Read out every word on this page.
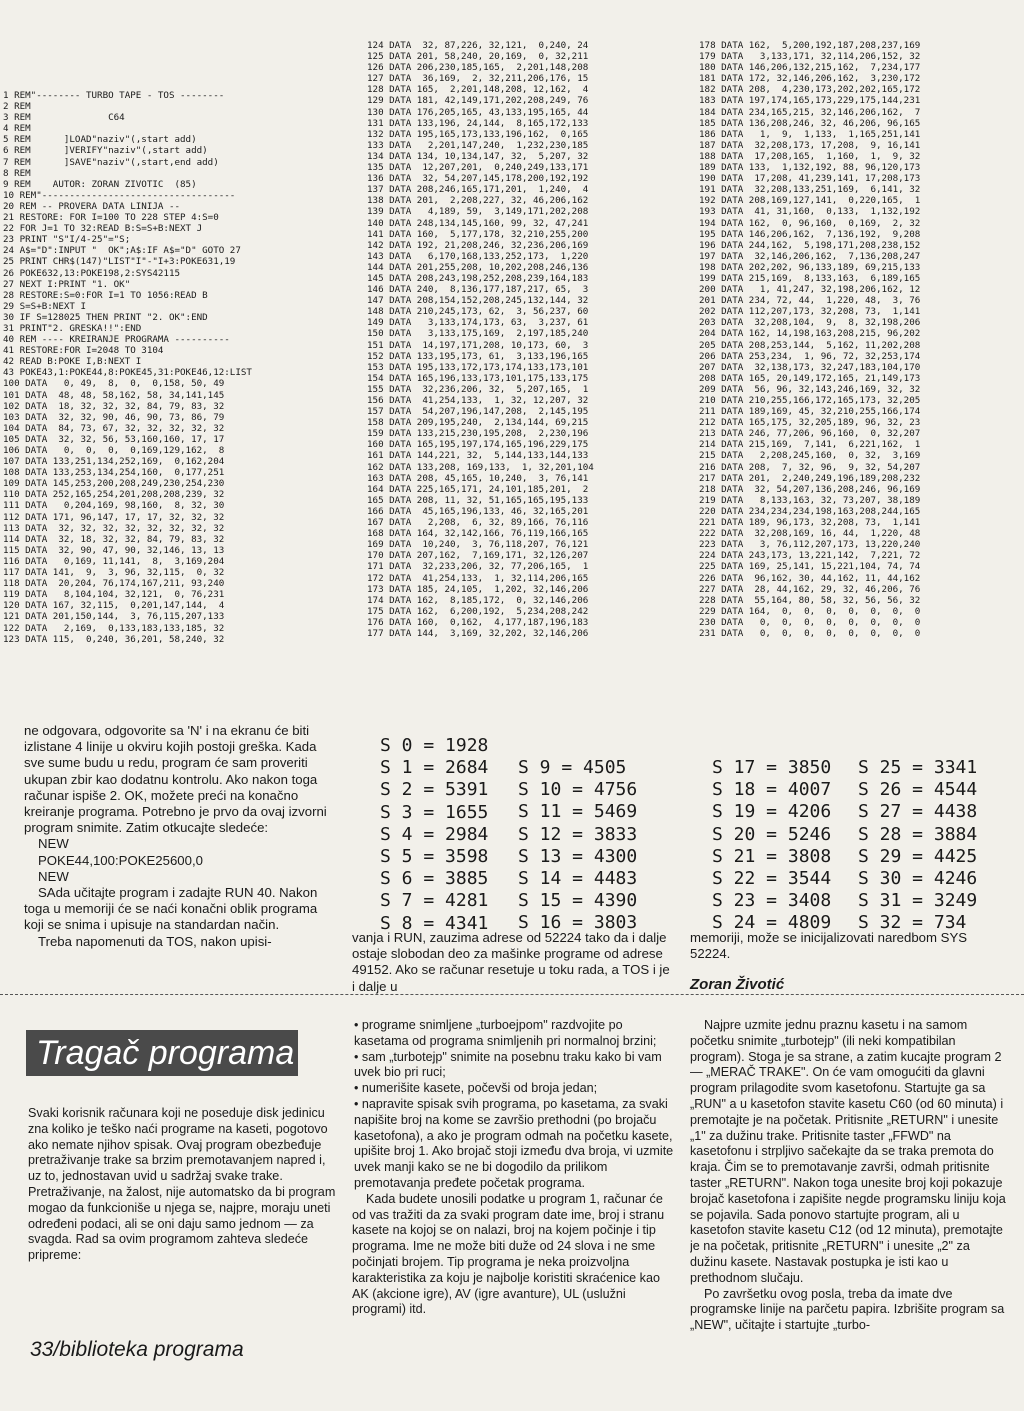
1 REM"-------- TURBO TAPE - TOS --------
2 REM
3 REM              C64
4 REM
5 REM      ]LOAD"naziv"(,start add)
6 REM      ]VERIFY"naziv"(,start add)
7 REM      ]SAVE"naziv"(,start,end add)
8 REM
9 REM    AUTOR: ZORAN ZIVOTIC  (85)
10 REM"-----------------------------------
20 REM -- PROVERA DATA LINIJA --
21 RESTORE: FOR I=100 TO 228 STEP 4:S=0
22 FOR J=1 TO 32:READ B:S=S+B:NEXT J
23 PRINT "S"I/4-25"="S;
24 A$="D":INPUT "  OK";A$:IF A$="D" GOTO 27
25 PRINT CHR$(147)"LIST"I"-"I+3:POKE631,19
26 POKE632,13:POKE198,2:SYS42115
27 NEXT I:PRINT "1. OK"
28 RESTORE:S=0:FOR I=1 TO 1056:READ B
29 S=S+B:NEXT I
30 IF S=128025 THEN PRINT "2. OK":END
31 PRINT"2. GRESKA!!":END
40 REM ---- KREIRANJE PROGRAMA ----------
41 RESTORE:FOR I=2048 TO 3104
42 READ B:POKE I,B:NEXT I
43 POKE43,1:POKE44,8:POKE45,31:POKE46,12:LIST
100 DATA   0, 49,  8,  0,  0,158, 50, 49
101 DATA  48, 48, 58,162, 58, 34,141,145
102 DATA  18, 32, 32, 32, 84, 79, 83, 32
103 DATA  32, 32, 90, 46, 90, 73, 86, 79
104 DATA  84, 73, 67, 32, 32, 32, 32, 32
105 DATA  32, 32, 56, 53,160,160, 17, 17
106 DATA   0,  0,  0,  0,169,129,162,  8
107 DATA 133,251,134,252,169,  0,162,204
108 DATA 133,253,134,254,160,  0,177,251
109 DATA 145,253,200,208,249,230,254,230
110 DATA 252,165,254,201,208,208,239, 32
111 DATA   0,204,169, 98,160,  8, 32, 30
112 DATA 171, 96,147, 17, 17, 32, 32, 32
113 DATA  32, 32, 32, 32, 32, 32, 32, 32
114 DATA  32, 18, 32, 32, 84, 79, 83, 32
115 DATA  32, 90, 47, 90, 32,146, 13, 13
116 DATA   0,169, 11,141,  8,  3,169,204
117 DATA 141,  9,  3, 96, 32,115,  0, 32
118 DATA  20,204, 76,174,167,211, 93,240
119 DATA   8,104,104, 32,121,  0, 76,231
120 DATA 167, 32,115,  0,201,147,144,  4
121 DATA 201,150,144,  3, 76,115,207,133
122 DATA   2,169,  0,133,183,133,185, 32
123 DATA 115,  0,240, 36,201, 58,240, 32
124 DATA  32, 87,226, 32,121,  0,240, 24
125 DATA 201, 58,240, 20,169,  0, 32,211
126 DATA 206,230,185,165,  2,201,148,208
127 DATA  36,169,  2, 32,211,206,176, 15
128 DATA 165,  2,201,148,208, 12,162,  4
129 DATA 181, 42,149,171,202,208,249, 76
130 DATA 176,205,165, 43,133,195,165, 44
131 DATA 133,196, 24,144,  8,165,172,133
132 DATA 195,165,173,133,196,162,  0,165
133 DATA   2,201,147,240,  1,232,230,185
134 DATA 134, 10,134,147, 32,  5,207, 32
135 DATA  12,207,201,  0,240,249,133,171
136 DATA  32, 54,207,145,178,200,192,192
137 DATA 208,246,165,171,201,  1,240,  4
138 DATA 201,  2,208,227, 32, 46,206,162
139 DATA   4,189, 59,  3,149,171,202,208
140 DATA 248,134,145,160, 99, 32, 47,241
141 DATA 160,  5,177,178, 32,210,255,200
142 DATA 192, 21,208,246, 32,236,206,169
143 DATA   6,170,168,133,252,173,  1,220
144 DATA 201,255,208, 10,202,208,246,136
145 DATA 208,243,198,252,208,239,164,183
146 DATA 240,  8,136,177,187,217, 65,  3
147 DATA 208,154,152,208,245,132,144, 32
148 DATA 210,245,173, 62,  3, 56,237, 60
149 DATA   3,133,174,173, 63,  3,237, 61
150 DATA   3,133,175,169,  2,197,185,240
151 DATA  14,197,171,208, 10,173, 60,  3
152 DATA 133,195,173, 61,  3,133,196,165
153 DATA 195,133,172,173,174,133,173,101
154 DATA 165,196,133,173,101,175,133,175
155 DATA  32,236,206, 32,  5,207,165,  1
156 DATA  41,254,133,  1, 32, 12,207, 32
157 DATA  54,207,196,147,208,  2,145,195
158 DATA 209,195,240,  2,134,144, 69,215
159 DATA 133,215,230,195,208,  2,230,196
160 DATA 165,195,197,174,165,196,229,175
161 DATA 144,221, 32,  5,144,133,144,133
162 DATA 133,208, 169,133,  1, 32,201,104
163 DATA 208, 45,165, 10,240,  3, 76,141
164 DATA 225,165,171, 24,101,185,201,  2
165 DATA 208, 11, 32, 51,165,165,195,133
166 DATA  45,165,196,133, 46, 32,165,201
167 DATA   2,208,  6, 32, 89,166, 76,116
168 DATA 164, 32,142,166, 76,119,166,165
169 DATA  10,240,  3, 76,118,207, 76,121
170 DATA 207,162,  7,169,171, 32,126,207
171 DATA  32,233,206, 32, 77,206,165,  1
172 DATA  41,254,133,  1, 32,114,206,165
173 DATA 185, 24,105,  1,202, 32,146,206
174 DATA 162,  8,185,172,  0, 32,146,206
175 DATA 162,  6,200,192,  5,234,208,242
176 DATA 160,  0,162,  4,177,187,196,183
177 DATA 144,  3,169, 32,202, 32,146,206
178 DATA 162,  5,200,192,187,208,237,169
179 DATA   3,133,171, 32,114,206,152, 32
180 DATA 146,206,132,215,162,  7,234,177
181 DATA 172, 32,146,206,162,  3,230,172
182 DATA 208,  4,230,173,202,202,165,172
183 DATA 197,174,165,173,229,175,144,231
184 DATA 234,165,215, 32,146,206,162,  7
185 DATA 136,208,246, 32, 46,206, 96,165
186 DATA   1,  9,  1,133,  1,165,251,141
187 DATA  32,208,173, 17,208,  9, 16,141
188 DATA  17,208,165,  1,160,  1,  9, 32
189 DATA 133,  1,132,192, 88, 96,120,173
190 DATA  17,208, 41,239,141, 17,208,173
191 DATA  32,208,133,251,169,  6,141, 32
192 DATA 208,169,127,141,  0,220,165,  1
193 DATA  41, 31,160,  0,133,  1,132,192
194 DATA 162,  0, 96,160,  0,169,  2, 32
195 DATA 146,206,162,  7,136,192,  9,208
196 DATA 244,162,  5,198,171,208,238,152
197 DATA  32,146,206,162,  7,136,208,247
198 DATA 202,202, 96,133,189, 69,215,133
199 DATA 215,169,  8,133,163,  6,189,165
200 DATA   1, 41,247, 32,198,206,162, 12
201 DATA 234, 72, 44,  1,220, 48,  3, 76
202 DATA 112,207,173, 32,208, 73,  1,141
203 DATA  32,208,104,  9,  8, 32,198,206
204 DATA 162, 14,198,163,208,215, 96,202
205 DATA 208,253,144,  5,162, 11,202,208
206 DATA 253,234,  1, 96, 72, 32,253,174
207 DATA  32,138,173, 32,247,183,104,170
208 DATA 165, 20,149,172,165, 21,149,173
209 DATA  56, 96, 32,143,246,169, 32, 32
210 DATA 210,255,166,172,165,173, 32,205
211 DATA 189,169, 45, 32,210,255,166,174
212 DATA 165,175, 32,205,189, 96, 32, 23
213 DATA 246, 77,206, 96,160,  0, 32,207
214 DATA 215,169,  7,141,  6,221,162,  1
215 DATA   2,208,245,160,  0, 32,  3,169
216 DATA 208,  7, 32, 96,  9, 32, 54,207
217 DATA 201,  2,240,249,196,189,208,232
218 DATA  32, 54,207,136,208,246, 96,169
219 DATA   8,133,163, 32, 73,207, 38,189
220 DATA 234,234,234,198,163,208,244,165
221 DATA 189, 96,173, 32,208, 73,  1,141
222 DATA  32,208,169, 16, 44,  1,220, 48
223 DATA   3, 76,112,207,173, 13,220,240
224 DATA 243,173, 13,221,142,  7,221, 72
225 DATA 169, 25,141, 15,221,104, 74, 74
226 DATA  96,162, 30, 44,162, 11, 44,162
227 DATA  28, 44,162, 29, 32, 46,206, 76
228 DATA  55,164, 80, 58, 32, 56, 56, 32
229 DATA 164,  0,  0,  0,  0,  0,  0,  0
230 DATA   0,  0,  0,  0,  0,  0,  0,  0
231 DATA   0,  0,  0,  0,  0,  0,  0,  0

ne odgovara, odgovorite sa 'N' i na ekranu će biti izlistane 4 linije u okviru kojih postoji greška. Kada sve sume budu u redu, program će sam proveriti ukupan zbir kao dodatnu kontrolu. Ako nakon toga računar ispiše 2. OK, možete preći na konačno kreiranje programa. Potrebno je prvo da ovaj izvorni program snimite. Zatim otkucajte sledeće:

NEW

POKE44,100:POKE25600,0

NEW

SAda učitajte program i zadajte RUN 40. Nakon toga u memoriji će se naći konačni oblik programa koji se snima i upisuje na standardan način.

Treba napomenuti da TOS, nakon upisi-	vanja i RUN, zauzima adrese od 52224 tako da i dalje ostaje slobodan deo za mašinke programe od adrese 49152. Ako se računar resetuje u toku rada, a TOS i je i dalje u

memoriji, može se inicijalizovati naredbom SYS 52224.

Zoran Životić
S 0 = 1928
S 1 = 2684
S 2 = 5391
S 3 = 1655
S 4 = 2984
S 5 = 3598
S 6 = 3885
S 7 = 4281
S 8 = 4341
S 9 = 4505
S 10 = 4756
S 11 = 5469
S 12 = 3833
S 13 = 4300
S 14 = 4483
S 15 = 4390
S 16 = 3803
S 17 = 3850
S 18 = 4007
S 19 = 4206
S 20 = 5246
S 21 = 3808
S 22 = 3544
S 23 = 3408
S 24 = 4809
S 25 = 3341
S 26 = 4544
S 27 = 4438
S 28 = 3884
S 29 = 4425
S 30 = 4246
S 31 = 3249
S 32 = 734
Tragač programa

Svaki korisnik računara koji ne poseduje disk jedinicu zna koliko je teško naći programe na kaseti, pogotovo ako nemate njihov spisak. Ovaj program obezbeđuje pretraživanje trake sa brzim premotavanjem napred i, uz to, jednostavan uvid u sadržaj svake trake. Pretraživanje, na žalost, nije automatsko da bi program mogao da funkcioniše u njega se, najpre, moraju uneti određeni podaci, ali se oni daju samo jednom — za svagda. Rad sa ovim programom zahteva sledeće pripreme:

• programe snimljene „turboejpom" razdvojite po kasetama od programa snimljenih pri normalnoj brzini;

• sam „turbotejp" snimite na posebnu traku kako bi vam uvek bio pri ruci;

• numerišite kasete, počevši od broja jedan;

• napravite spisak svih programa, po kasetama, za svaki napišite broj na kome se završio prethodni (po brojaču kasetofona), a ako je program odmah na početku kasete, upišite broj 1. Ako brojač stoji između dva broja, vi uzmite uvek manji kako se ne bi dogodilo da prilikom premotavanja pređete početak programa.

Kada budete unosili podatke u program 1, računar će od vas tražiti da za svaki program date ime, broj i stranu kasete na kojoj se on nalazi, broj na kojem počinje i tip programa. Ime ne može biti duže od 24 slova i ne sme počinjati brojem. Tip programa je neka proizvoljna karakteristika za koju je najbolje koristiti skraćenice kao AK (akcione igre), AV (igre avanture), UL (uslužni programi) itd.

Najpre uzmite jednu praznu kasetu i na samom početku snimite „turbotejp" (ili neki kompatibilan program). Stoga je sa strane, a zatim kucajte program 2 — „MERAČ TRAKE". On će vam omogućiti da glavni program prilagodite svom kasetofonu. Startujte ga sa „RUN" a u kasetofon stavite kasetu C60 (od 60 minuta) i premotajte je na početak. Pritisnite „RETURN" i unesite „1" za dužinu trake. Pritisnite taster „FFWD" na kasetofonu i strpljivo sačekajte da se traka premota do kraja. Čim se to premotavanje završi, odmah pritisnite taster „RETURN". Nakon toga unesite broj koji pokazuje brojač kasetofona i zapišite negde programsku liniju koja se pojavila. Sada ponovo startujte program, ali u kasetofon stavite kasetu C12 (od 12 minuta), premotajte je na početak, pritisnite „RETURN" i unesite „2" za dužinu kasete. Nastavak postupka je isti kao u prethodnom slučaju.

Po završetku ovog posla, treba da imate dve programske linije na parčetu papira. Izbrišite program sa „NEW", učitajte i startujte „turbo-

33/biblioteka programa
